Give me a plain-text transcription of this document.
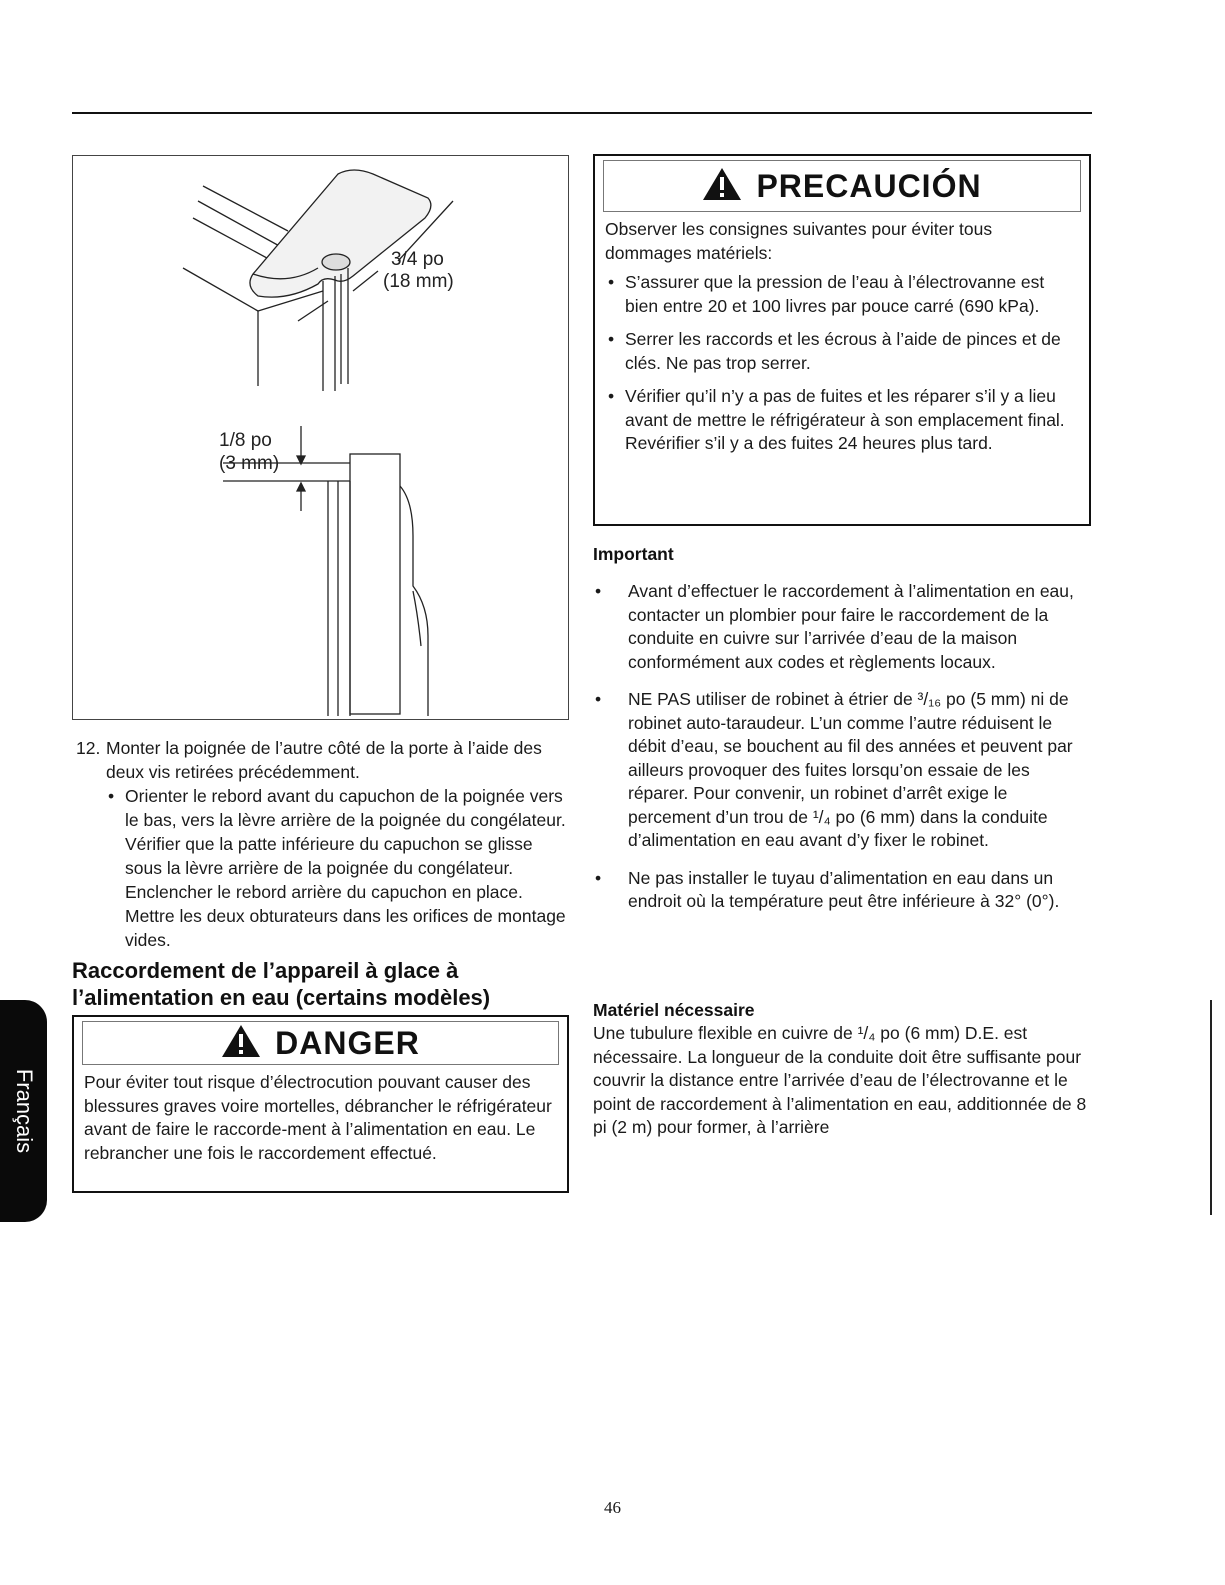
3/4 po
(18 mm)
1/8 po
(3 mm)
12. Monter la poignée de l’autre côté de la porte à l’aide des deux vis retirées précédemment.
• Orienter le rebord avant du capuchon de la poignée vers le bas, vers la lèvre arrière de la poignée du congélateur. Vérifier que la patte inférieure du capuchon se glisse sous la lèvre arrière de la poignée du congélateur. Enclencher le rebord arrière du capuchon en place. Mettre les deux obturateurs dans les orifices de montage vides.
Raccordement de l’appareil à glace à l’alimentation en eau (certains modèles)
DANGER
Pour éviter tout risque d’électrocution pouvant causer des blessures graves voire mortelles, débrancher le réfrigérateur avant de faire le raccorde-ment à l’alimentation en eau. Le rebrancher une fois le raccordement effectué.
PRECAUCIÓN

Observer les consignes suivantes pour éviter tous dommages matériels:

• S’assurer que la pression de l’eau à l’électrovanne est bien entre 20 et 100 livres par pouce carré (690 kPa).
• Serrer les raccords et les écrous à l’aide de pinces et de clés. Ne pas trop serrer.
• Vérifier qu’il n’y a pas de fuites et les réparer s’il y a lieu avant de mettre le réfrigérateur à son emplacement final. Revérifier s’il y a des fuites 24 heures plus tard.
Important
• Avant d’effectuer le raccordement à l’alimentation en eau, contacter un plombier pour faire le raccordement de la conduite en cuivre sur l’arrivée d’eau de la maison conformément aux codes et règlements locaux.
• NE PAS utiliser de robinet à étrier de ³/₁₆ po (5 mm) ni de robinet auto-taraudeur. L’un comme l’autre réduisent le débit d’eau, se bouchent au fil des années et peuvent par ailleurs provoquer des fuites lorsqu’on essaie de les réparer. Pour convenir, un robinet d’arrêt exige le percement d’un trou de ¹/₄ po (6 mm) dans la conduite d’alimentation en eau avant d’y fixer le robinet.
• Ne pas installer le tuyau d’alimentation en eau dans un endroit où la température peut être inférieure à 32° (0°).
Matériel nécessaire
Une tubulure flexible en cuivre de ¹/₄ po (6 mm) D.E. est nécessaire. La longueur de la conduite doit être suffisante pour couvrir la distance entre l’arrivée d’eau de l’électrovanne et le point de raccordement à l’alimentation en eau, additionnée de 8 pi (2 m) pour former, à l’arrière
Français
46
